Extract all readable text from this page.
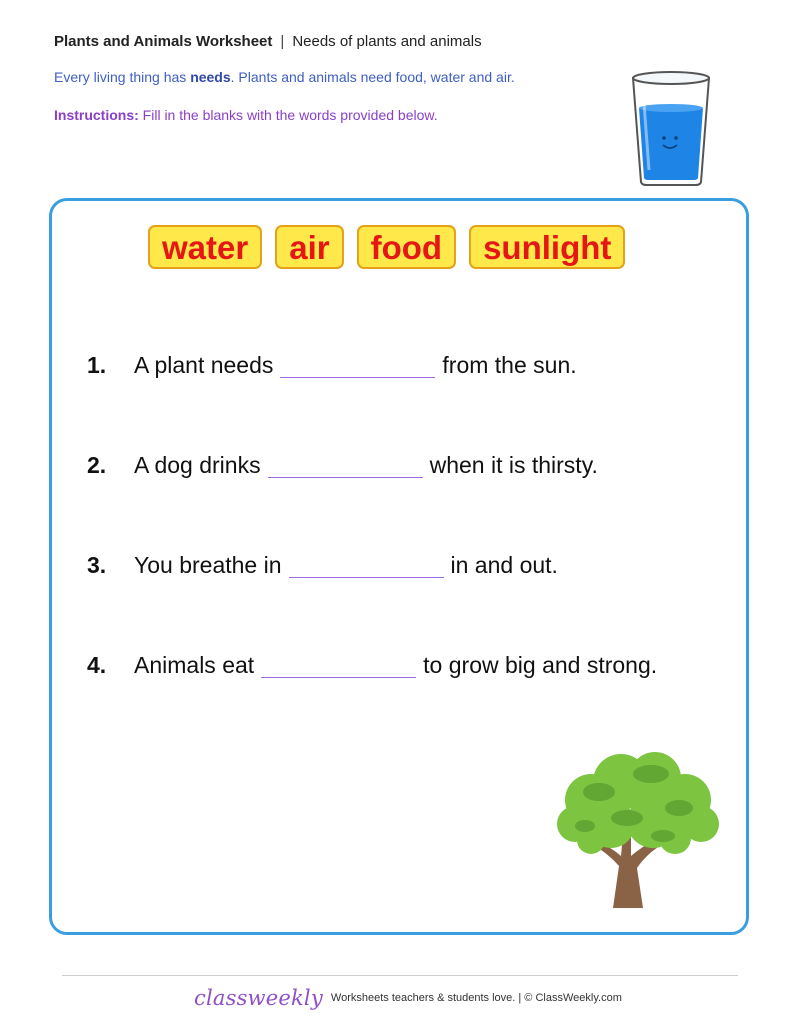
Plants and Animals Worksheet | Needs of plants and animals
Every living thing has needs. Plants and animals need food, water and air.
Instructions: Fill in the blanks with the words provided below.
water	air	food	sunlight
1.	A plant needs	from the sun.
2.	A dog drinks	when it is thirsty.
3.	You breathe in	in and out.
4.	Animals eat	to grow big and strong.
classweekly Worksheets teachers & students love. | © ClassWeekly.com
